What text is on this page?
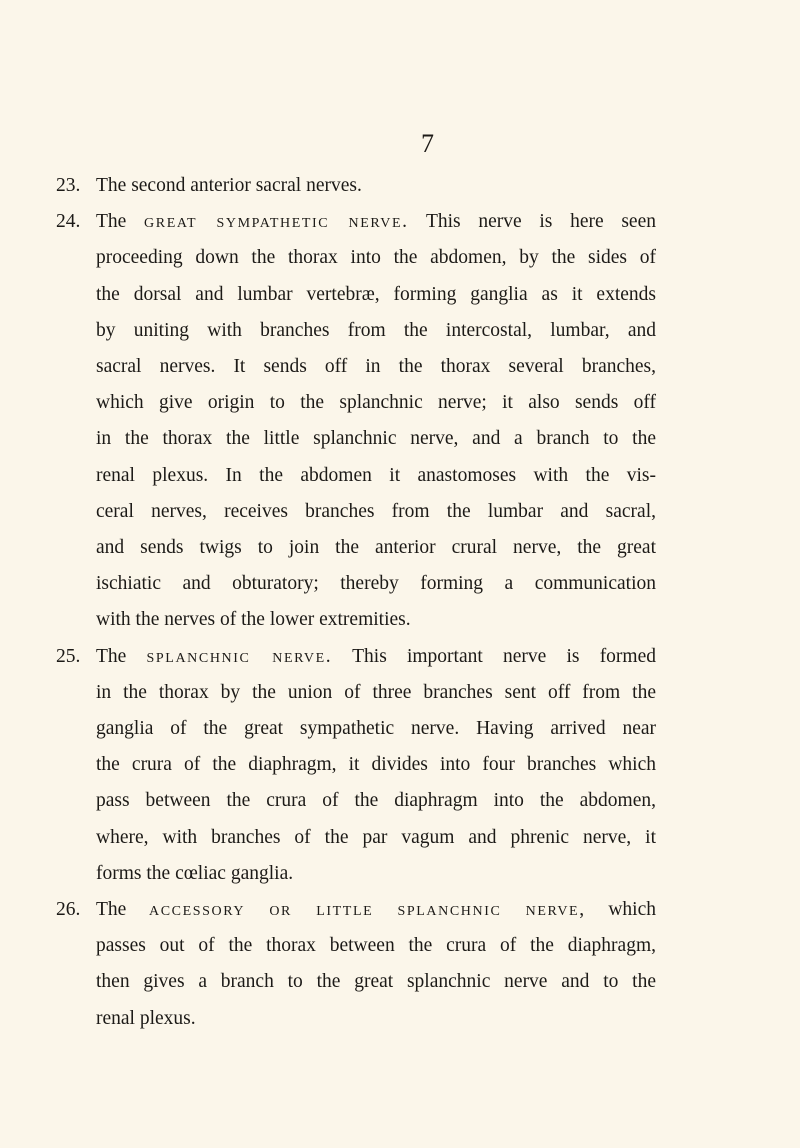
7
23. The second anterior sacral nerves.
24. The great sympathetic nerve. This nerve is here seen
proceeding down the thorax into the abdomen, by the sides of
the dorsal and lumbar vertebræ, forming ganglia as it extends
by uniting with branches from the intercostal, lumbar, and
sacral nerves. It sends off in the thorax several branches,
which give origin to the splanchnic nerve; it also sends off
in the thorax the little splanchnic nerve, and a branch to the
renal plexus. In the abdomen it anastomoses with the vis-
ceral nerves, receives branches from the lumbar and sacral,
and sends twigs to join the anterior crural nerve, the great
ischiatic and obturatory; thereby forming a communication
with the nerves of the lower extremities.
25. The splanchnic nerve. This important nerve is formed
in the thorax by the union of three branches sent off from the
ganglia of the great sympathetic nerve. Having arrived near
the crura of the diaphragm, it divides into four branches which
pass between the crura of the diaphragm into the abdomen,
where, with branches of the par vagum and phrenic nerve, it
forms the cœliac ganglia.
26. The accessory or little splanchnic nerve, which
passes out of the thorax between the crura of the diaphragm,
then gives a branch to the great splanchnic nerve and to the
renal plexus.
